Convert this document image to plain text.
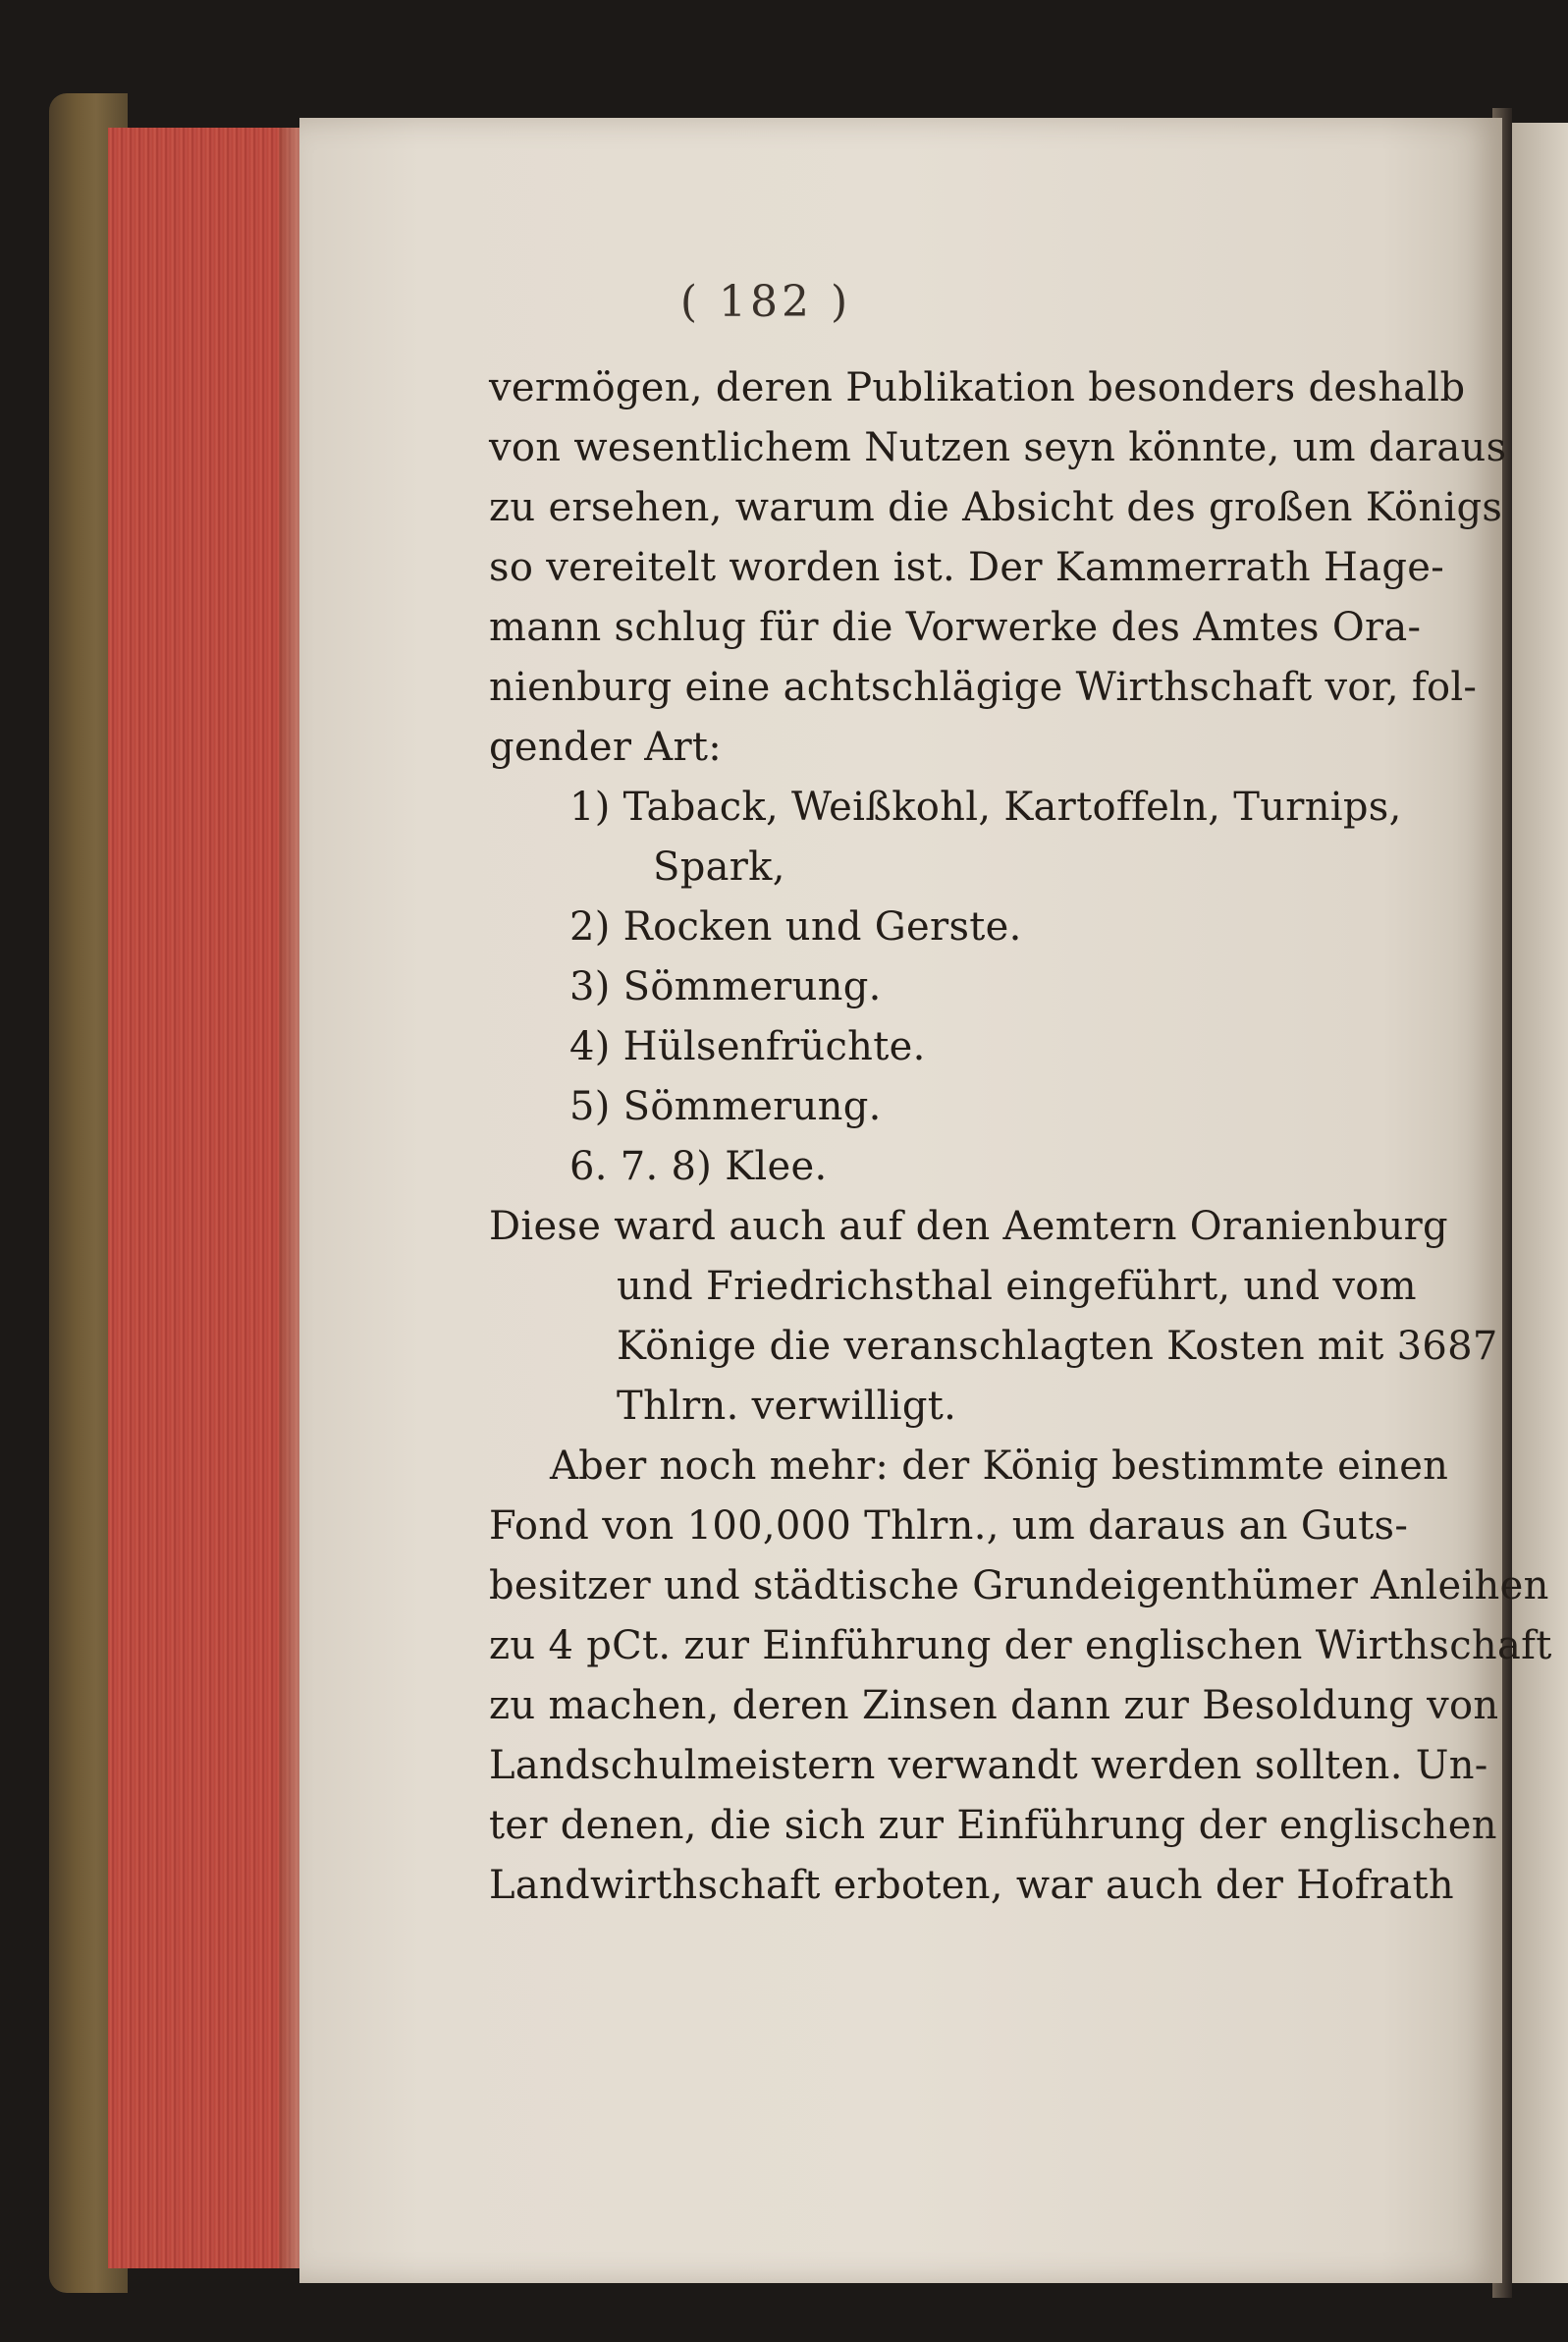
( 182 )
vermögen, deren Publikation besonders deshalb
von wesentlichem Nutzen seyn könnte, um daraus
zu ersehen, warum die Absicht des großen Königs
so vereitelt worden ist. Der Kammerrath Hage-
mann schlug für die Vorwerke des Amtes Ora-
nienburg eine achtschlägige Wirthschaft vor, fol-
gender Art:
1) Taback, Weißkohl, Kartoffeln, Turnips,
Spark,
2) Rocken und Gerste.
3) Sömmerung.
4) Hülsenfrüchte.
5) Sömmerung.
6. 7. 8) Klee.
Diese ward auch auf den Aemtern Oranienburg
und Friedrichsthal eingeführt, und vom
Könige die veranschlagten Kosten mit 3687
Thlrn. verwilligt.
Aber noch mehr: der König bestimmte einen
Fond von 100,000 Thlrn., um daraus an Guts-
besitzer und städtische Grundeigenthümer Anleihen
zu 4 pCt. zur Einführung der englischen Wirthschaft
zu machen, deren Zinsen dann zur Besoldung von
Landschulmeistern verwandt werden sollten. Un-
ter denen, die sich zur Einführung der englischen
Landwirthschaft erboten, war auch der Hofrath
